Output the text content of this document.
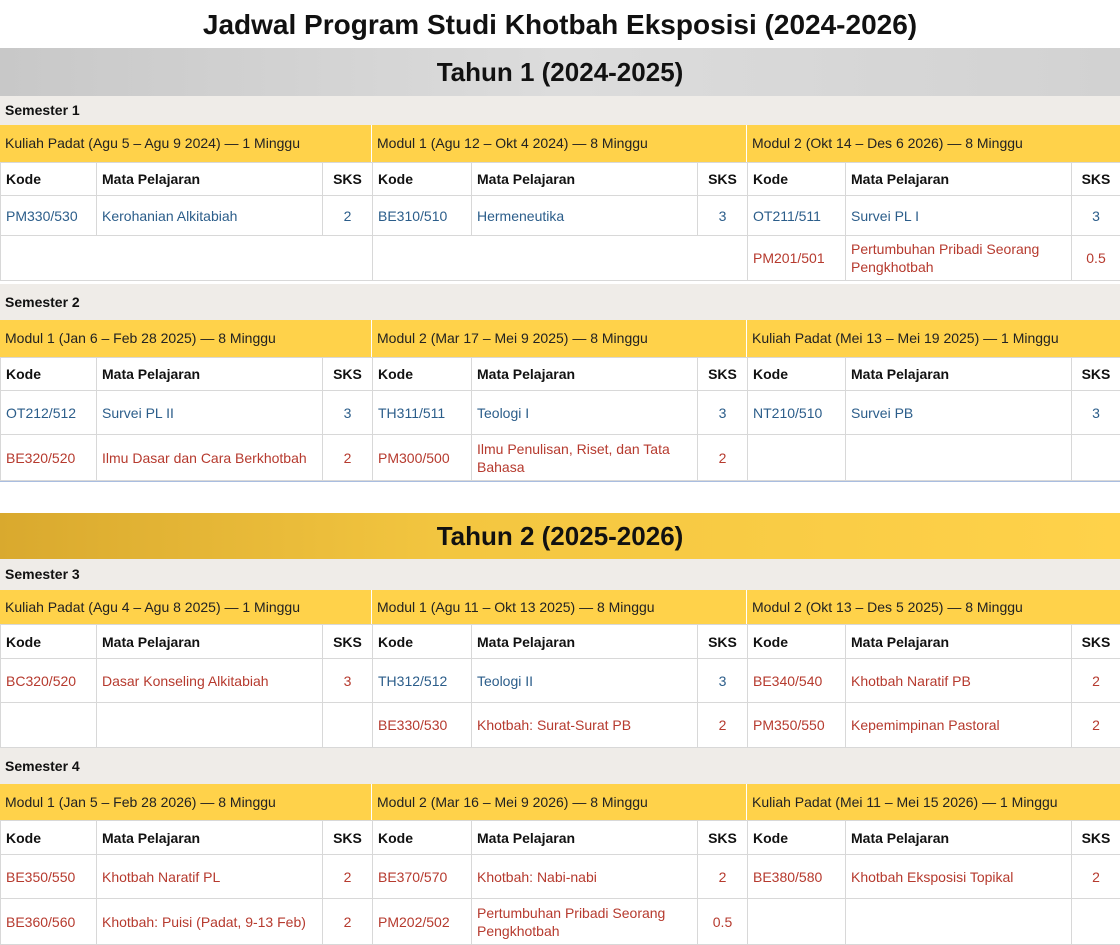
Jadwal Program Studi Khotbah Eksposisi (2024-2026)
Tahun 1 (2024-2025)
Tahun 2 (2025-2026)
Semester 1
Kuliah Padat (Agu 5 – Agu 9 2024) — 1 Minggu
Kode	Mata Pelajaran	SKS
PM330/530	Kerohanian Alkitabiah	2

Modul 1 (Agu 12 – Okt 4 2024) — 8 Minggu
Kode	Mata Pelajaran	SKS
BE310/510	Hermeneutika	3

Modul 2 (Okt 14 – Des 6 2026) — 8 Minggu
Kode	Mata Pelajaran	SKS
OT211/511	Survei PL I	3
PM201/501	Pertumbuhan Pribadi Seorang Pengkhotbah	0.5
Semester 2
Modul 1 (Jan 6 – Feb 28 2025) — 8 Minggu
Kode	Mata Pelajaran	SKS
OT212/512	Survei PL II	3
BE320/520	Ilmu Dasar dan Cara Berkhotbah	2
Modul 2 (Mar 17 – Mei 9 2025) — 8 Minggu
Kode	Mata Pelajaran	SKS
TH311/511	Teologi I	3
PM300/500	Ilmu Penulisan, Riset, dan Tata Bahasa	2
Kuliah Padat (Mei 13 – Mei 19 2025) — 1 Minggu
Kode	Mata Pelajaran	SKS
NT210/510	Survei PB	3

Semester 3
Kuliah Padat (Agu 4 – Agu 8 2025) — 1 Minggu
Kode	Mata Pelajaran	SKS
BC320/520	Dasar Konseling Alkitabiah	3

Modul 1 (Agu 11 – Okt 13 2025) — 8 Minggu
Kode	Mata Pelajaran	SKS
TH312/512	Teologi II	3
BE330/530	Khotbah: Surat-Surat PB	2
Modul 2 (Okt 13 – Des 5 2025) — 8 Minggu
Kode	Mata Pelajaran	SKS
BE340/540	Khotbah Naratif PB	2
PM350/550	Kepemimpinan Pastoral	2
Semester 4
Modul 1 (Jan 5 – Feb 28 2026) — 8 Minggu
Kode	Mata Pelajaran	SKS
BE350/550	Khotbah Naratif PL	2
BE360/560	Khotbah: Puisi (Padat, 9-13 Feb)	2
Modul 2 (Mar 16 – Mei 9 2026) — 8 Minggu
Kode	Mata Pelajaran	SKS
BE370/570	Khotbah: Nabi-nabi	2
PM202/502	Pertumbuhan Pribadi Seorang Pengkhotbah	0.5
Kuliah Padat (Mei 11 – Mei 15 2026) — 1 Minggu
Kode	Mata Pelajaran	SKS
BE380/580	Khotbah Eksposisi Topikal	2
